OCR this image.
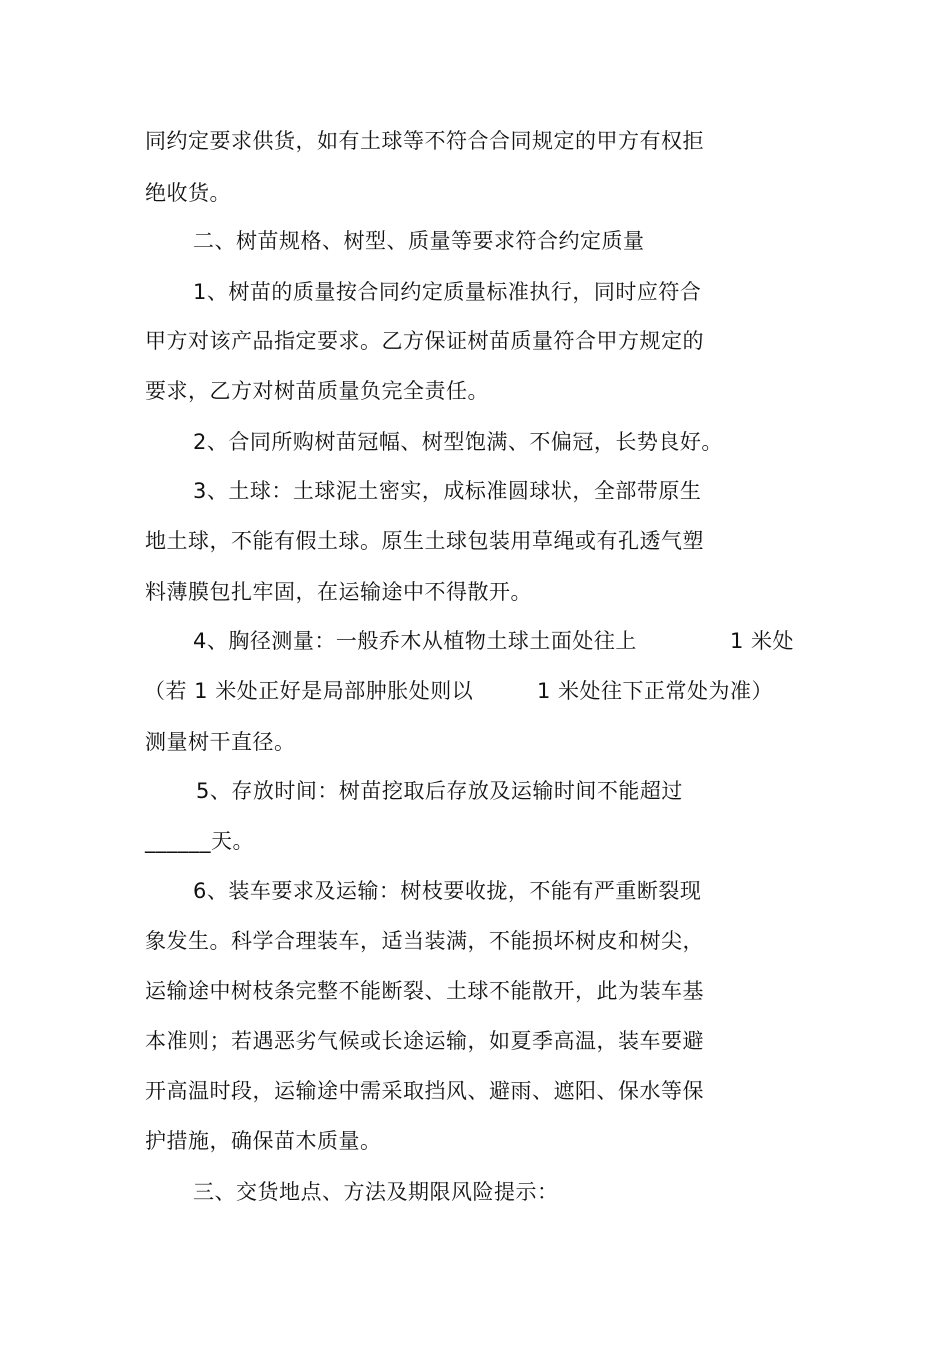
同约定要求供货，如有土球等不符合合同规定的甲方有权拒
绝收货。
二、树苗规格、树型、质量等要求符合约定质量
1、树苗的质量按合同约定质量标准执行，同时应符合
甲方对该产品指定要求。乙方保证树苗质量符合甲方规定的
要求，乙方对树苗质量负完全责任。
2、合同所购树苗冠幅、树型饱满、不偏冠，长势良好。
3、土球：土球泥土密实，成标准圆球状，全部带原生
地土球，不能有假土球。原生土球包装用草绳或有孔透气塑
料薄膜包扎牢固，在运输途中不得散开。
4、胸径测量：一般乔木从植物土球土面处往上	1 米处
（若 1 米处正好是局部肿胀处则以	1 米处往下正常处为准）
测量树干直径。
5、存放时间：树苗挖取后存放及运输时间不能超过
______天。
6、装车要求及运输：树枝要收拢，不能有严重断裂现
象发生。科学合理装车，适当装满，不能损坏树皮和树尖，
运输途中树枝条完整不能断裂、土球不能散开，此为装车基
本准则；若遇恶劣气候或长途运输，如夏季高温，装车要避
开高温时段，运输途中需采取挡风、避雨、遮阳、保水等保
护措施，确保苗木质量。
三、交货地点、方法及期限风险提示：
